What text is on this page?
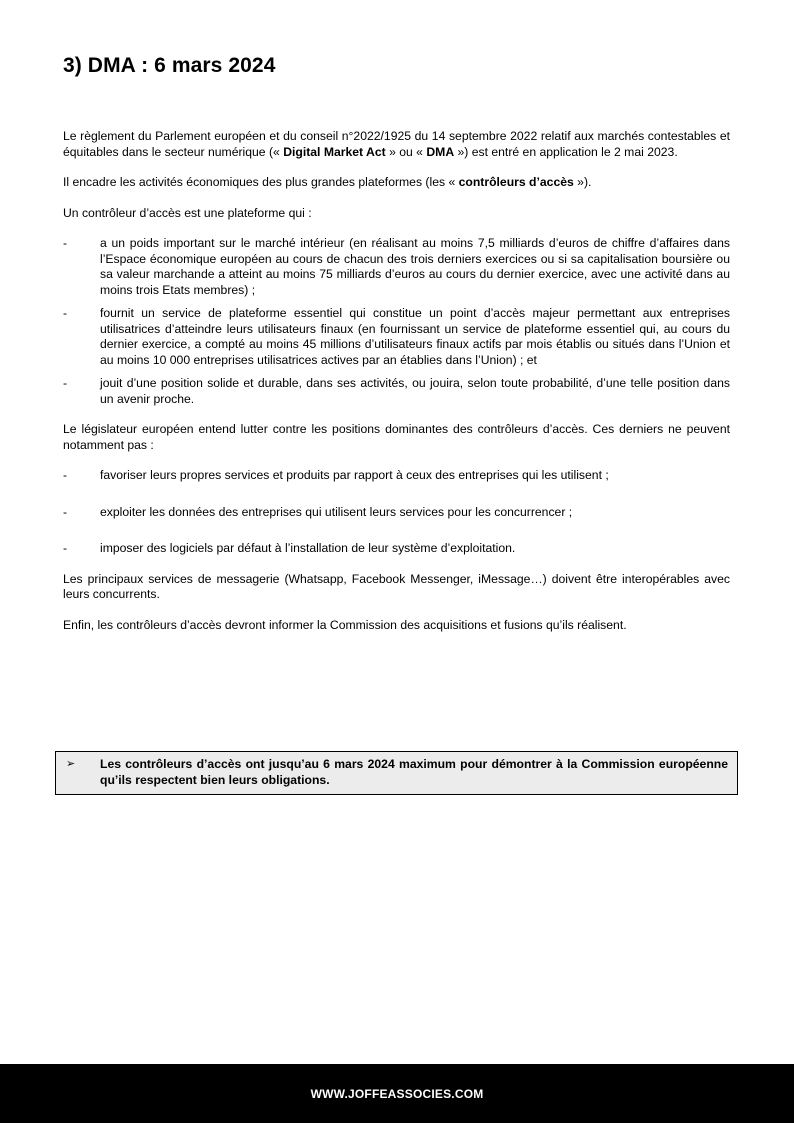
3) DMA : 6 mars 2024

Le règlement du Parlement européen et du conseil n°2022/1925 du 14 septembre 2022 relatif aux marchés contestables et équitables dans le secteur numérique (« Digital Market Act » ou « DMA ») est entré en application le 2 mai 2023.

Il encadre les activités économiques des plus grandes plateformes (les « contrôleurs d’accès »).

Un contrôleur d’accès est une plateforme qui :

-	a un poids important sur le marché intérieur (en réalisant au moins 7,5 milliards d’euros de chiffre d’affaires dans l’Espace économique européen au cours de chacun des trois derniers exercices ou si sa capitalisation boursière ou sa valeur marchande a atteint au moins 75 milliards d’euros au cours du dernier exercice, avec une activité dans au moins trois Etats membres) ;
-	fournit un service de plateforme essentiel qui constitue un point d’accès majeur permettant aux entreprises utilisatrices d’atteindre leurs utilisateurs finaux (en fournissant un service de plateforme essentiel qui, au cours du dernier exercice, a compté au moins 45 millions d’utilisateurs finaux actifs par mois établis ou situés dans l’Union et au moins 10 000 entreprises utilisatrices actives par an établies dans l’Union) ; et
-	jouit d’une position solide et durable, dans ses activités, ou jouira, selon toute probabilité, d’une telle position dans un avenir proche.

Le législateur européen entend lutter contre les positions dominantes des contrôleurs d’accès. Ces derniers ne peuvent notamment pas :

-	favoriser leurs propres services et produits par rapport à ceux des entreprises qui les utilisent ;
-	exploiter les données des entreprises qui utilisent leurs services pour les concurrencer ;
-	imposer des logiciels par défaut à l’installation de leur système d’exploitation.

Les principaux services de messagerie (Whatsapp, Facebook Messenger, iMessage…) doivent être interopérables avec leurs concurrents.

Enfin, les contrôleurs d’accès devront informer la Commission des acquisitions et fusions qu’ils réalisent.

➢ Les contrôleurs d’accès ont jusqu’au 6 mars 2024 maximum pour démontrer à la Commission européenne qu’ils respectent bien leurs obligations.
WWW.JOFFEASSOCIES.COM
